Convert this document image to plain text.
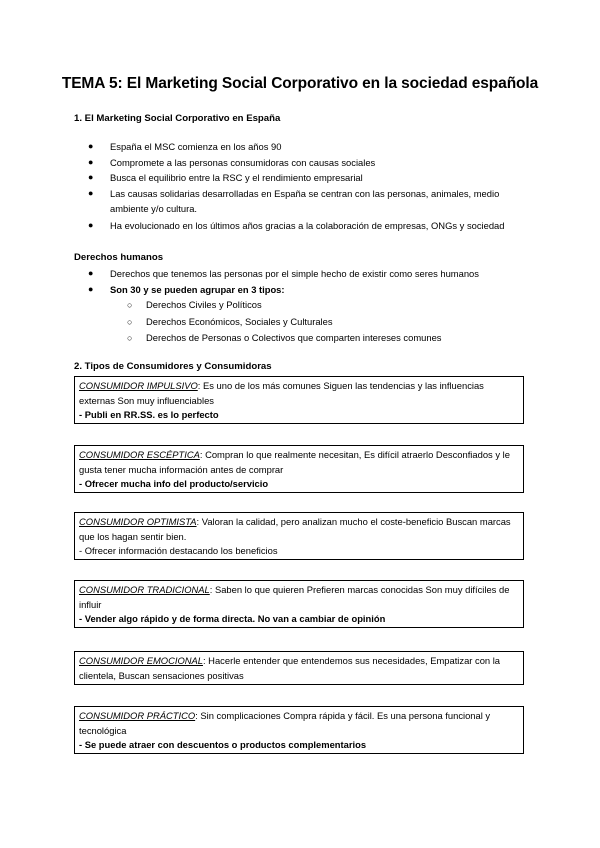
TEMA 5: El Marketing Social Corporativo en la sociedad española

1. El Marketing Social Corporativo en España

● España el MSC comienza en los años 90
● Compromete a las personas consumidoras con causas sociales
● Busca el equilibrio entre la RSC y el rendimiento empresarial
● Las causas solidarias desarrolladas en España se centran con las personas, animales, medio ambiente y/o cultura.
● Ha evolucionado en los últimos años gracias a la colaboración de empresas, ONGs y sociedad

Derechos humanos

● Derechos que tenemos las personas por el simple hecho de existir como seres humanos
● Son 30 y se pueden agrupar en 3 tipos:
○ Derechos Civiles y Políticos
○ Derechos Económicos, Sociales y Culturales
○ Derechos de Personas o Colectivos que comparten intereses comunes

2. Tipos de Consumidores y Consumidoras

CONSUMIDOR IMPULSIVO: Es uno de los más comunes Siguen las tendencias y las influencias externas Son muy influenciables
- Publi en RR.SS. es lo perfecto
CONSUMIDOR ESCÉPTICA: Compran lo que realmente necesitan, Es difícil atraerlo Desconfiados y le gusta tener mucha información antes de comprar
- Ofrecer mucha info del producto/servicio
CONSUMIDOR OPTIMISTA: Valoran la calidad, pero analizan mucho el coste-beneficio Buscan marcas que los hagan sentir bien.
- Ofrecer información destacando los beneficios
CONSUMIDOR TRADICIONAL: Saben lo que quieren Prefieren marcas conocidas Son muy difíciles de influir
- Vender algo rápido y de forma directa. No van a cambiar de opinión
CONSUMIDOR EMOCIONAL: Hacerle entender que entendemos sus necesidades, Empatizar con la clientela, Buscan sensaciones positivas
CONSUMIDOR PRÁCTICO: Sin complicaciones Compra rápida y fácil. Es una persona funcional y tecnológica
- Se puede atraer con descuentos o productos complementarios
